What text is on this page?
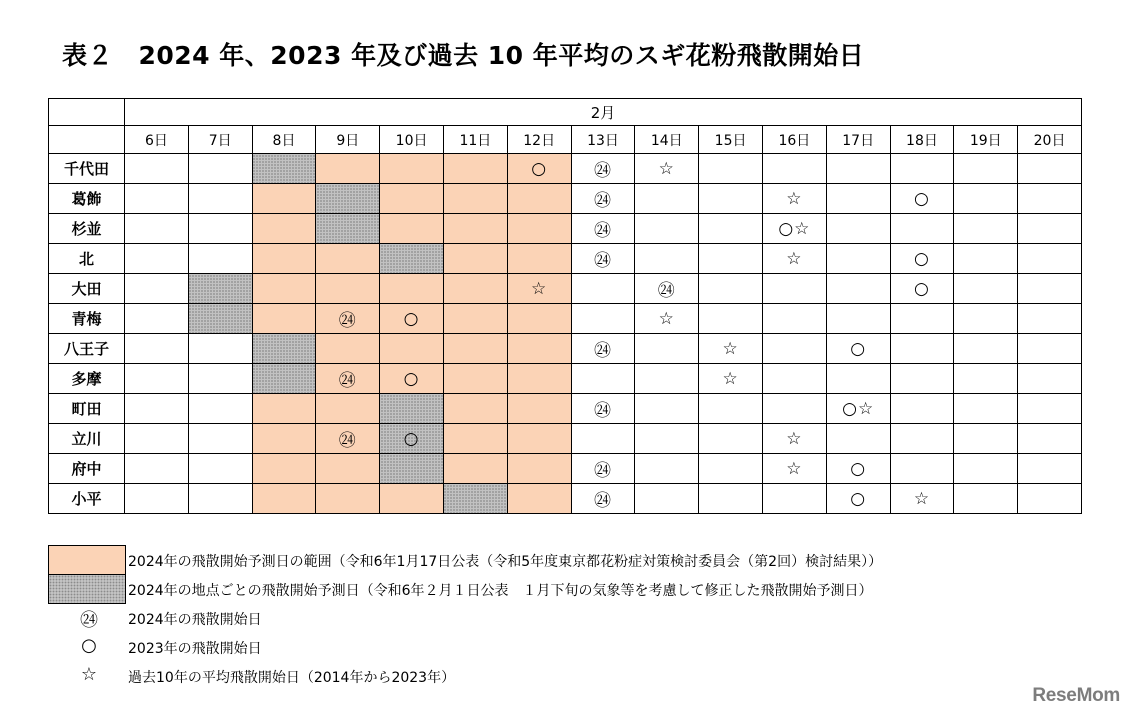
表２　2024 年、2023 年及び過去 10 年平均のスギ花粉飛散開始日
	2月														
	6日	7日	8日	9日	10日	11日	12日	13日	14日	15日	16日	17日	18日	19日	20日
千代田							○	㉔	☆						
葛飾								㉔			☆		○		
杉並								㉔			○☆				
北								㉔			☆		○		
大田							☆		㉔				○		
青梅				㉔	○				☆						
八王子								㉔		☆		○			
多摩				㉔	○					☆					
町田								㉔				○☆			
立川				㉔	○						☆				
府中								㉔			☆	○			
小平								㉔				○	☆		
2024年の飛散開始予測日の範囲（令和6年1月17日公表（令和5年度東京都花粉症対策検討委員会（第2回）検討結果））
2024年の地点ごとの飛散開始予測日（令和6年２月１日公表　１月下旬の気象等を考慮して修正した飛散開始予測日）
㉔	2024年の飛散開始日
○	2023年の飛散開始日
☆	過去10年の平均飛散開始日（2014年から2023年）
ReseMom
